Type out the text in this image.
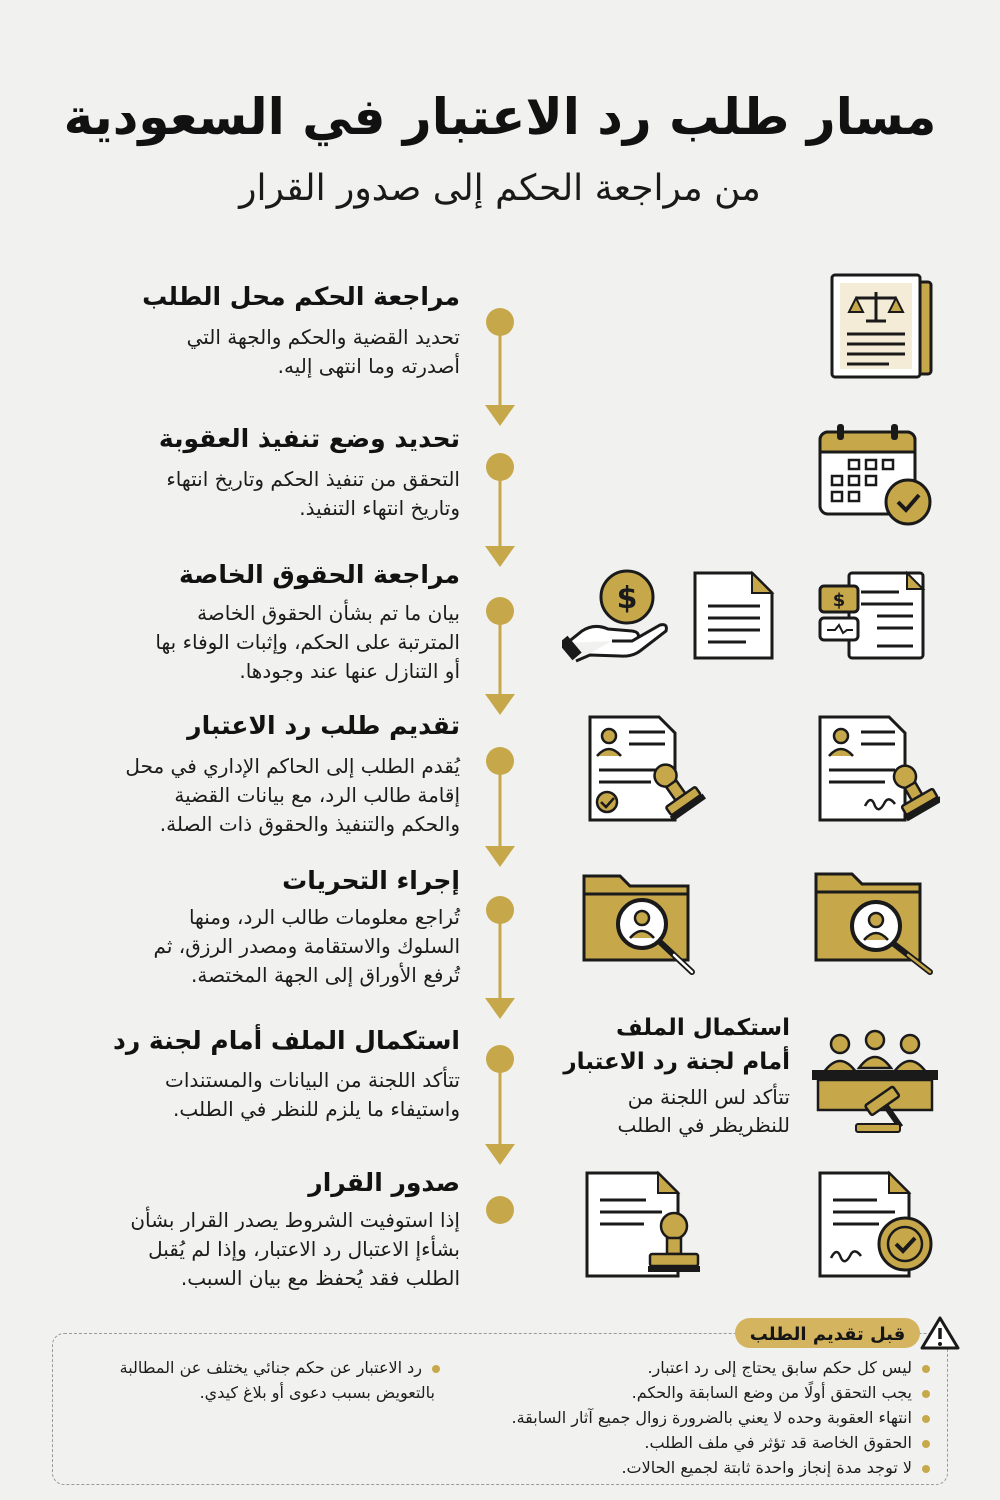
مسار طلب رد الاعتبار في السعودية
من مراجعة الحكم إلى صدور القرار
مراجعة الحكم محل الطلب
تحديد القضية والحكم والجهة التي
أصدرته وما انتهى إليه.
تحديد وضع تنفيذ العقوبة
التحقق من تنفيذ الحكم وتاريخ انتهاء
وتاريخ انتهاء التنفيذ.
مراجعة الحقوق الخاصة
بيان ما تم بشأن الحقوق الخاصة
المترتبة على الحكم، وإثبات الوفاء بها
أو التنازل عنها عند وجودها.
تقديم طلب رد الاعتبار
يُقدم الطلب إلى الحاكم الإداري في محل
إقامة طالب الرد، مع بيانات القضية
والحكم والتنفيذ والحقوق ذات الصلة.
إجراء التحريات
تُراجع معلومات طالب الرد، ومنها
السلوك والاستقامة ومصدر الرزق، ثم
تُرفع الأوراق إلى الجهة المختصة.
استكمال الملف أمام لجنة رد
تتأكد اللجنة من البيانات والمستندات
واستيفاء ما يلزم للنظر في الطلب.
استكمال الملف
أمام لجنة رد الاعتبار
تتأكد لس اللجنة من
للنظريظر في الطلب
صدور القرار
إذا استوفيت الشروط يصدر القرار بشأن
بشأءإ الاعتبال رد الاعتبار، وإذا لم يُقبل
الطلب فقد يُحفظ مع بيان السبب.
$
$
قبل تقديم الطلب
ليس كل حكم سابق يحتاج إلى رد اعتبار.
يجب التحقق أولًا من وضع السابقة والحكم.
انتهاء العقوبة وحده لا يعني بالضرورة زوال جميع آثار السابقة.
الحقوق الخاصة قد تؤثر في ملف الطلب.
لا توجد مدة إنجاز واحدة ثابتة لجميع الحالات.
رد الاعتبار عن حكم جنائي يختلف عن المطالبة
بالتعويض بسبب دعوى أو بلاغ كيدي.
